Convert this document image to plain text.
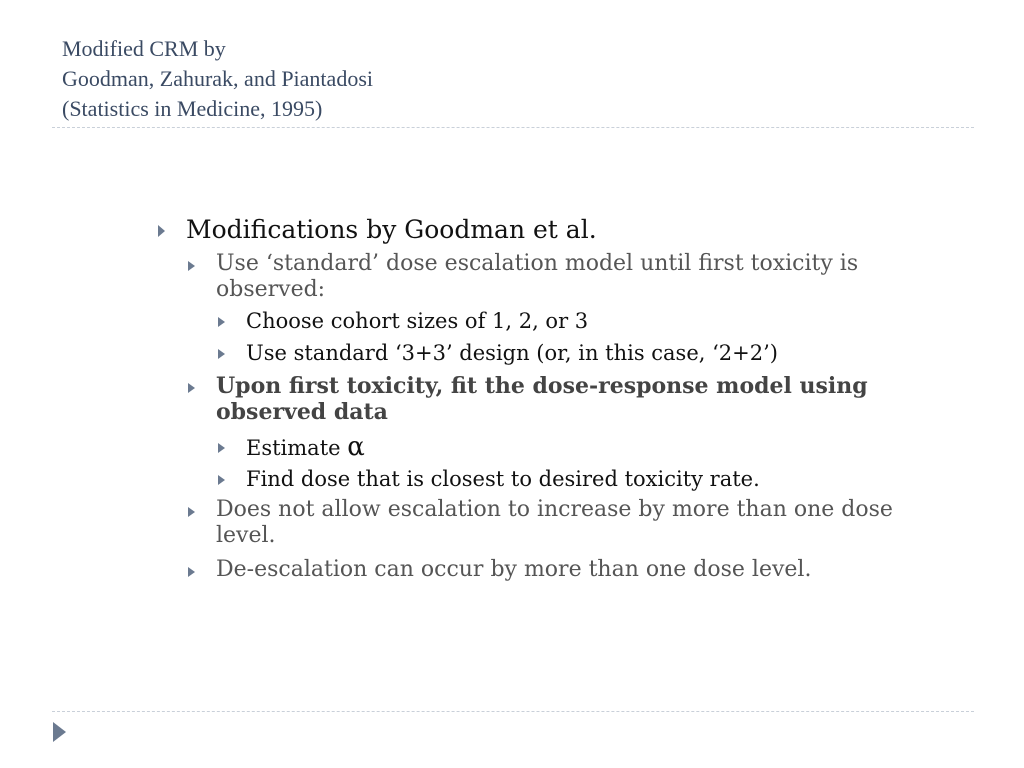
Modified CRM by
Goodman, Zahurak, and Piantadosi
(Statistics in Medicine, 1995)
Modifications by Goodman et al.
Use ‘standard’ dose escalation model until first toxicity is observed:
Choose cohort sizes of 1, 2, or 3
Use standard ‘3+3’ design (or, in this case, ‘2+2’)
Upon first toxicity, fit the dose-response model using observed data
Estimate α
Find dose that is closest to desired toxicity rate.
Does not allow escalation to increase by more than one dose level.
De-escalation can occur by more than one dose level.
